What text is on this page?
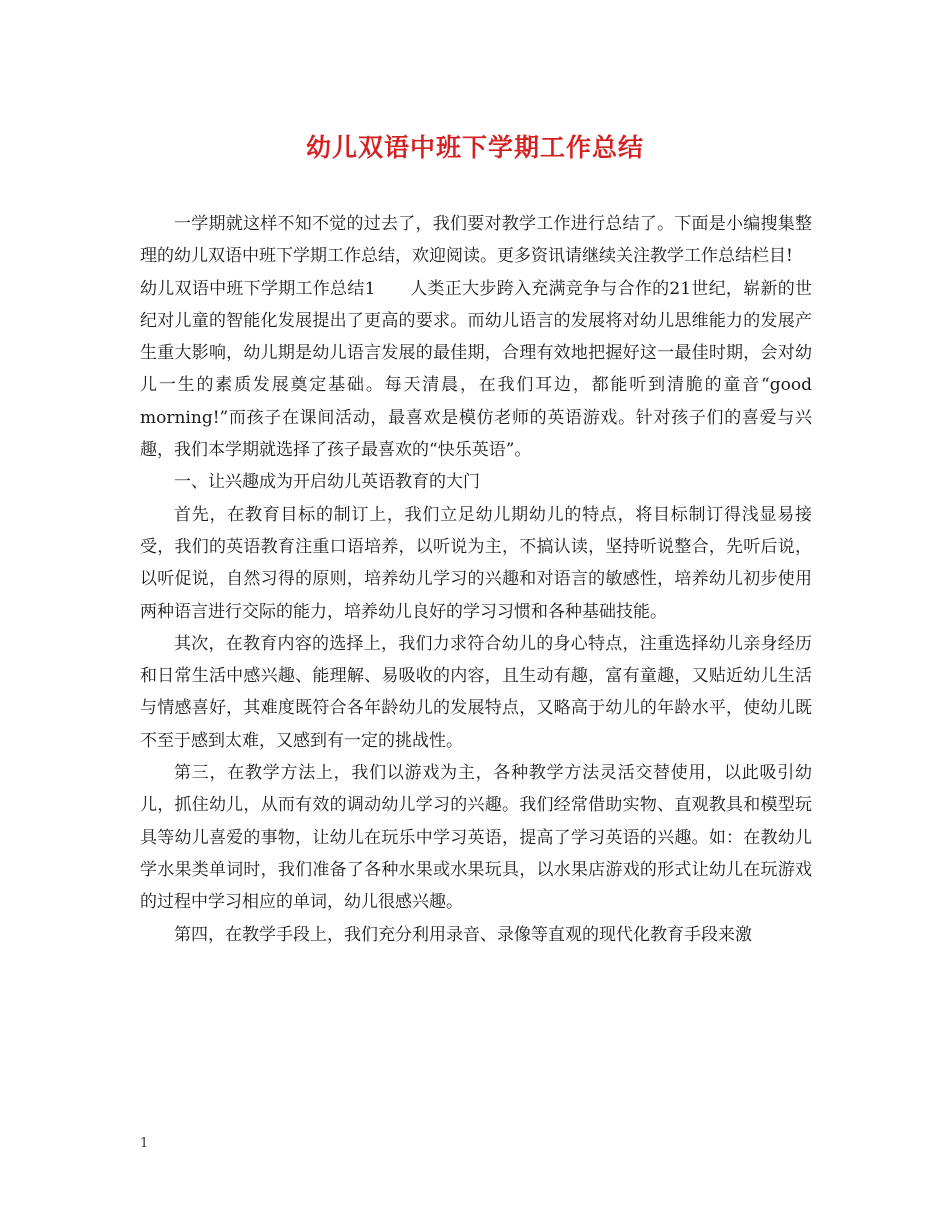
幼儿双语中班下学期工作总结

一学期就这样不知不觉的过去了，我们要对教学工作进行总结了。下面是小编搜集整理的幼儿双语中班下学期工作总结，欢迎阅读。更多资讯请继续关注教学工作总结栏目!

幼儿双语中班下学期工作总结1　　人类正大步跨入充满竞争与合作的21世纪，崭新的世纪对儿童的智能化发展提出了更高的要求。而幼儿语言的发展将对幼儿思维能力的发展产生重大影响，幼儿期是幼儿语言发展的最佳期，合理有效地把握好这一最佳时期，会对幼儿一生的素质发展奠定基础。每天清晨，在我们耳边，都能听到清脆的童音“good morning!”而孩子在课间活动，最喜欢是模仿老师的英语游戏。针对孩子们的喜爱与兴趣，我们本学期就选择了孩子最喜欢的“快乐英语”。

一、让兴趣成为开启幼儿英语教育的大门

首先，在教育目标的制订上，我们立足幼儿期幼儿的特点，将目标制订得浅显易接受，我们的英语教育注重口语培养，以听说为主，不搞认读，坚持听说整合，先听后说，以听促说，自然习得的原则，培养幼儿学习的兴趣和对语言的敏感性，培养幼儿初步使用两种语言进行交际的能力，培养幼儿良好的学习习惯和各种基础技能。

其次，在教育内容的选择上，我们力求符合幼儿的身心特点，注重选择幼儿亲身经历和日常生活中感兴趣、能理解、易吸收的内容，且生动有趣，富有童趣，又贴近幼儿生活与情感喜好，其难度既符合各年龄幼儿的发展特点，又略高于幼儿的年龄水平，使幼儿既不至于感到太难，又感到有一定的挑战性。

第三，在教学方法上，我们以游戏为主，各种教学方法灵活交替使用，以此吸引幼儿，抓住幼儿，从而有效的调动幼儿学习的兴趣。我们经常借助实物、直观教具和模型玩具等幼儿喜爱的事物，让幼儿在玩乐中学习英语，提高了学习英语的兴趣。如：在教幼儿学水果类单词时，我们准备了各种水果或水果玩具，以水果店游戏的形式让幼儿在玩游戏的过程中学习相应的单词，幼儿很感兴趣。

第四，在教学手段上，我们充分利用录音、录像等直观的现代化教育手段来激

1
